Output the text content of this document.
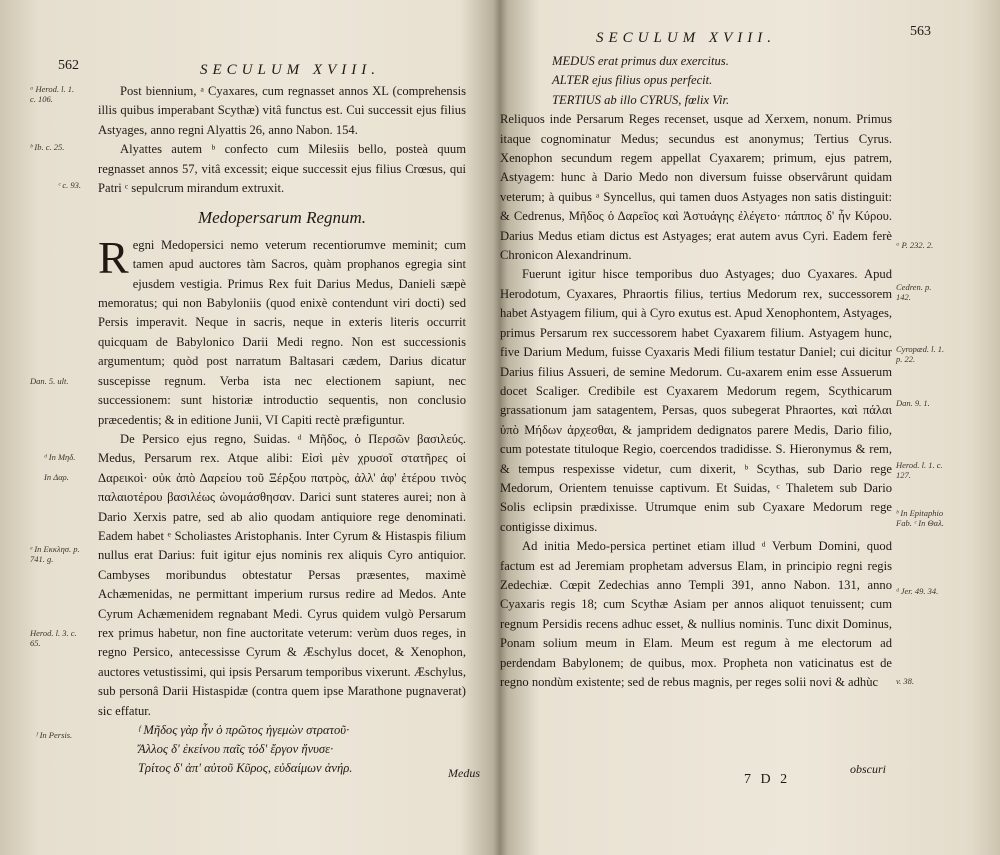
562	SECULUM XVIII.
ᵃ Herod. l. 1. c. 106.
ᵇ Ib. c. 25.
ᶜ c. 93.
Dan. 5. ult.
ᵈ In Μηδ.
In Δαρ.
ᵉ In Εκκλησ. p. 741. g.
Herod. l. 3. c. 65.
ᶠ In Persis.

Post biennium, ᵃ Cyaxares, cum regnasset annos XL (comprehensis illis quibus imperabant Scythæ) vitâ functus est. Cui successit ejus filius Astyages, anno regni Alyattis 26, anno Nabon. 154.

Alyattes autem ᵇ confecto cum Milesiis bello, posteà quum regnasset annos 57, vitâ excessit; eique successit ejus filius Crœsus, qui Patri ᶜ sepulcrum mirandum extruxit.

Medopersarum Regnum.

Regni Medopersici nemo veterum recentiorumve meminit; cum tamen apud auctores tàm Sacros, quàm prophanos egregia sint ejusdem vestigia. Primus Rex fuit Darius Medus, Danieli sæpè memoratus; qui non Babyloniis (quod enixè contendunt viri docti) sed Persis imperavit. Neque in sacris, neque in exteris literis occurrit quicquam de Babylonico Darii Medi regno. Non est successionis argumentum; quòd post narratum Baltasari cædem, Darius dicatur suscepisse regnum. Verba ista nec electionem sapiunt, nec successionem: sunt historiæ introductio sequentis, non conclusio præcedentis; & in editione Junii, VI Capiti rectè præfiguntur.

De Persico ejus regno, Suidas. ᵈ Μῆδος, ὁ Περσῶν βασιλεύς. Medus, Persarum rex. Atque alibi: Εἰσὶ μὲν χρυσοῖ στατῆρες οἱ Δαρεικοὶ· οὐκ ἀπὸ Δαρείου τοῦ Ξέρξου πατρὸς, ἀλλ' ἀφ' ἑτέρου τινὸς παλαιοτέρου βασιλέως ὠνομάσθησαν. Darici sunt stateres aurei; non à Dario Xerxis patre, sed ab alio quodam antiquiore rege denominati. Eadem habet ᵉ Scholiastes Aristophanis. Inter Cyrum & Histaspis filium nullus erat Darius: fuit igitur ejus nominis rex aliquis Cyro antiquior. Cambyses moribundus obtestatur Persas præsentes, maximè Achæmenidas, ne permittant imperium rursus redire ad Medos. Ante Cyrum Achæmenidem regnabant Medi. Cyrus quidem vulgò Persarum rex primus habetur, non fine auctoritate veterum: verùm duos reges, in regno Persico, antecessisse Cyrum & Æschylus docet, & Xenophon, auctores vetustissimi, qui ipsis Persarum temporibus vixerunt. Æschylus, sub personâ Darii Histaspidæ (contra quem ipse Marathone pugnaverat) sic effatur.

ᶠ Μῆδος γὰρ ἦν ὁ πρῶτος ἡγεμὼν στρατοῦ·
Ἄλλος δ' ἐκείνου παῖς τόδ' ἔργον ἤνυσε·
Τρίτος δ' ἀπ' αὐτοῦ Κῦρος, εὐδαίμων ἀνήρ.	Medus
SECULUM XVIII.	563
ᵃ P. 232. 2.
Cedren. p. 142.
Cyropæd. l. 1. p. 22.
Dan. 9. 1.
Herod. l. 1. c. 127.
ᵇ In Epitaphio Fab. ᶜ In Θαλ.
ᵈ Jer. 49. 34.
v. 38.
MEDUS erat primus dux exercitus.
ALTER ejus filius opus perfecit.
TERTIUS ab illo CYRUS, fœlix Vir.

Reliquos inde Persarum Reges recenset, usque ad Xerxem, nonum. Primus itaque cognominatur Medus; secundus est anonymus; Tertius Cyrus. Xenophon secundum regem appellat Cyaxarem; primum, ejus patrem, Astyagem: hunc à Dario Medo non diversum fuisse observârunt quidam veterum; à quibus ᵃ Syncellus, qui tamen duos Astyages non satis distinguit: & Cedrenus, Μῆδος ὁ Δαρεῖος καὶ Ἀστυάγης ἐλέγετο· πάππος δ' ἦν Κύρου. Darius Medus etiam dictus est Astyages; erat autem avus Cyri. Eadem ferè Chronicon Alexandrinum.

Fuerunt igitur hisce temporibus duo Astyages; duo Cyaxares. Apud Herodotum, Cyaxares, Phraortis filius, tertius Medorum rex, successorem habet Astyagem filium, qui à Cyro exutus est. Apud Xenophontem, Astyages, primus Persarum rex successorem habet Cyaxarem filium. Astyagem hunc, five Darium Medum, fuisse Cyaxaris Medi filium testatur Daniel; cui dicitur Darius filius Assueri, de semine Medorum. Cu-axarem enim esse Assuerum docet Scaliger. Credibile est Cyaxarem Medorum regem, Scythicarum grassationum jam satagentem, Persas, quos subegerat Phraortes, καὶ πάλαι ὑπὸ Μήδων ἀρχεσθαι, & jampridem dedignatos parere Medis, Dario filio, cum potestate tituloque Regio, coercendos tradidisse. S. Hieronymus & rem, & tempus respexisse videtur, cum dixerit, ᵇ Scythas, sub Dario rege Medorum, Orientem tenuisse captivum. Et Suidas, ᶜ Thaletem sub Dario Solis eclipsin prædixisse. Utrumque enim sub Cyaxare Medorum rege contigisse diximus.

Ad initia Medo-persica pertinet etiam illud ᵈ Verbum Domini, quod factum est ad Jeremiam prophetam adversus Elam, in principio regni regis Zedechiæ. Cœpit Zedechias anno Templi 391, anno Nabon. 131, anno Cyaxaris regis 18; cum Scythæ Asiam per annos aliquot tenuissent; cum regnum Persidis recens adhuc esset, & nullius nominis. Tunc dixit Dominus, Ponam solium meum in Elam. Meum est regum à me electorum ad perdendam Babylonem; de quibus, mox. Propheta non vaticinatus est de regno nondùm existente; sed de rebus magnis, per reges solii novi & adhùc

7 D 2
obscuri
